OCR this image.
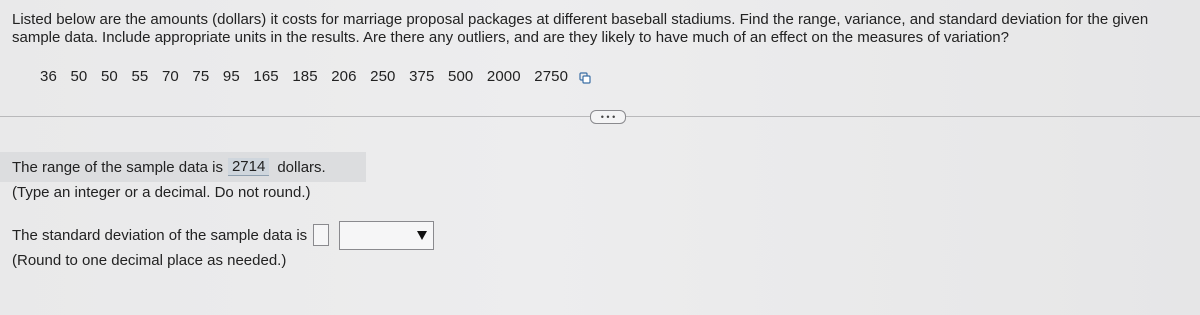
Listed below are the amounts (dollars) it costs for marriage proposal packages at different baseball stadiums. Find the range, variance, and standard deviation for the given
sample data. Include appropriate units in the results. Are there any outliers, and are they likely to have much of an effect on the measures of variation?
36 50 50 55 70 75 95 165 185 206 250 375 500 2000 2750
• • •
The range of the sample data is 2714 dollars.
(Type an integer or a decimal. Do not round.)
The standard deviation of the sample data is
(Round to one decimal place as needed.)
